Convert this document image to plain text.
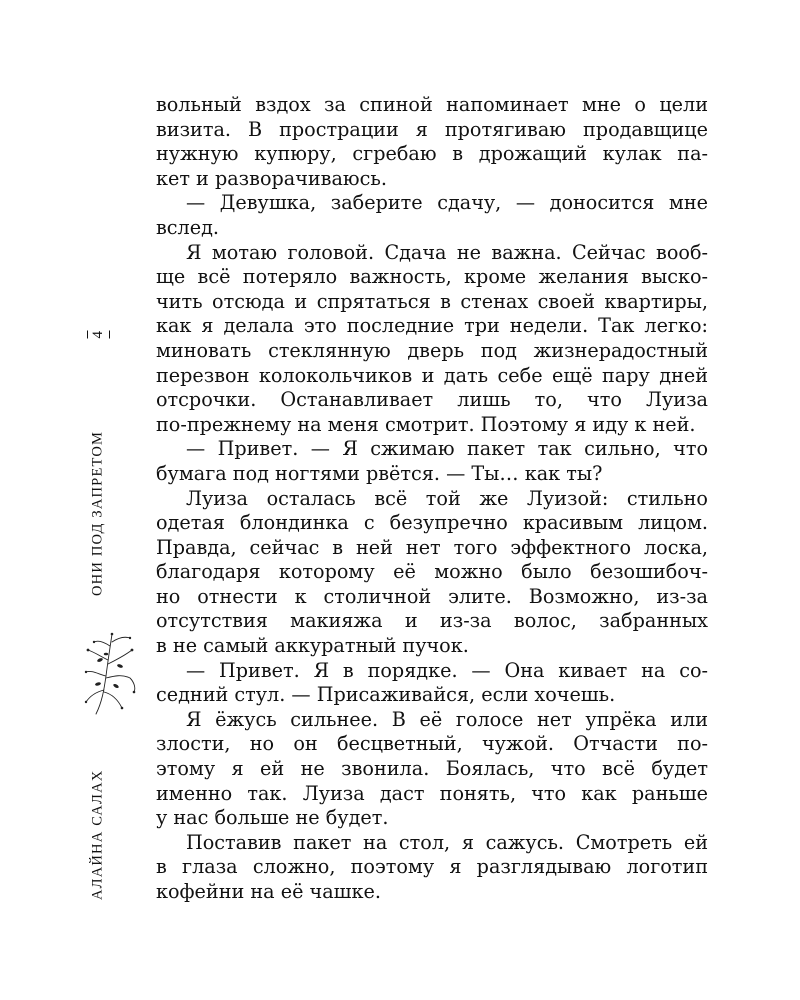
4
ОНИ ПОД ЗАПРЕТОМ
АЛАЙНА САЛАХ
вольный вздох за спиной напоминает мне о цели
визита. В прострации я протягиваю продавщице
нужную купюру, сгребаю в дрожащий кулак па-
кет и разворачиваюсь.
— Девушка, заберите сдачу, — доносится мне
вслед.
Я мотаю головой. Сдача не важна. Сейчас вооб-
ще всё потеряло важность, кроме желания выско-
чить отсюда и спрятаться в стенах своей квартиры,
как я делала это последние три недели. Так легко:
миновать стеклянную дверь под жизнерадостный
перезвон колокольчиков и дать себе ещё пару дней
отсрочки. Останавливает лишь то, что Луиза
по-прежнему на меня смотрит. Поэтому я иду к ней.
— Привет. — Я сжимаю пакет так сильно, что
бумага под ногтями рвётся. — Ты… как ты?
Луиза осталась всё той же Луизой: стильно
одетая блондинка с безупречно красивым лицом.
Правда, сейчас в ней нет того эффектного лоска,
благодаря которому её можно было безошибоч-
но отнести к столичной элите. Возможно, из-за
отсутствия макияжа и из-за волос, забранных
в не самый аккуратный пучок.
— Привет. Я в порядке. — Она кивает на со-
седний стул. — Присаживайся, если хочешь.
Я ёжусь сильнее. В её голосе нет упрёка или
злости, но он бесцветный, чужой. Отчасти по-
этому я ей не звонила. Боялась, что всё будет
именно так. Луиза даст понять, что как раньше
у нас больше не будет.
Поставив пакет на стол, я сажусь. Смотреть ей
в глаза сложно, поэтому я разглядываю логотип
кофейни на её чашке.
